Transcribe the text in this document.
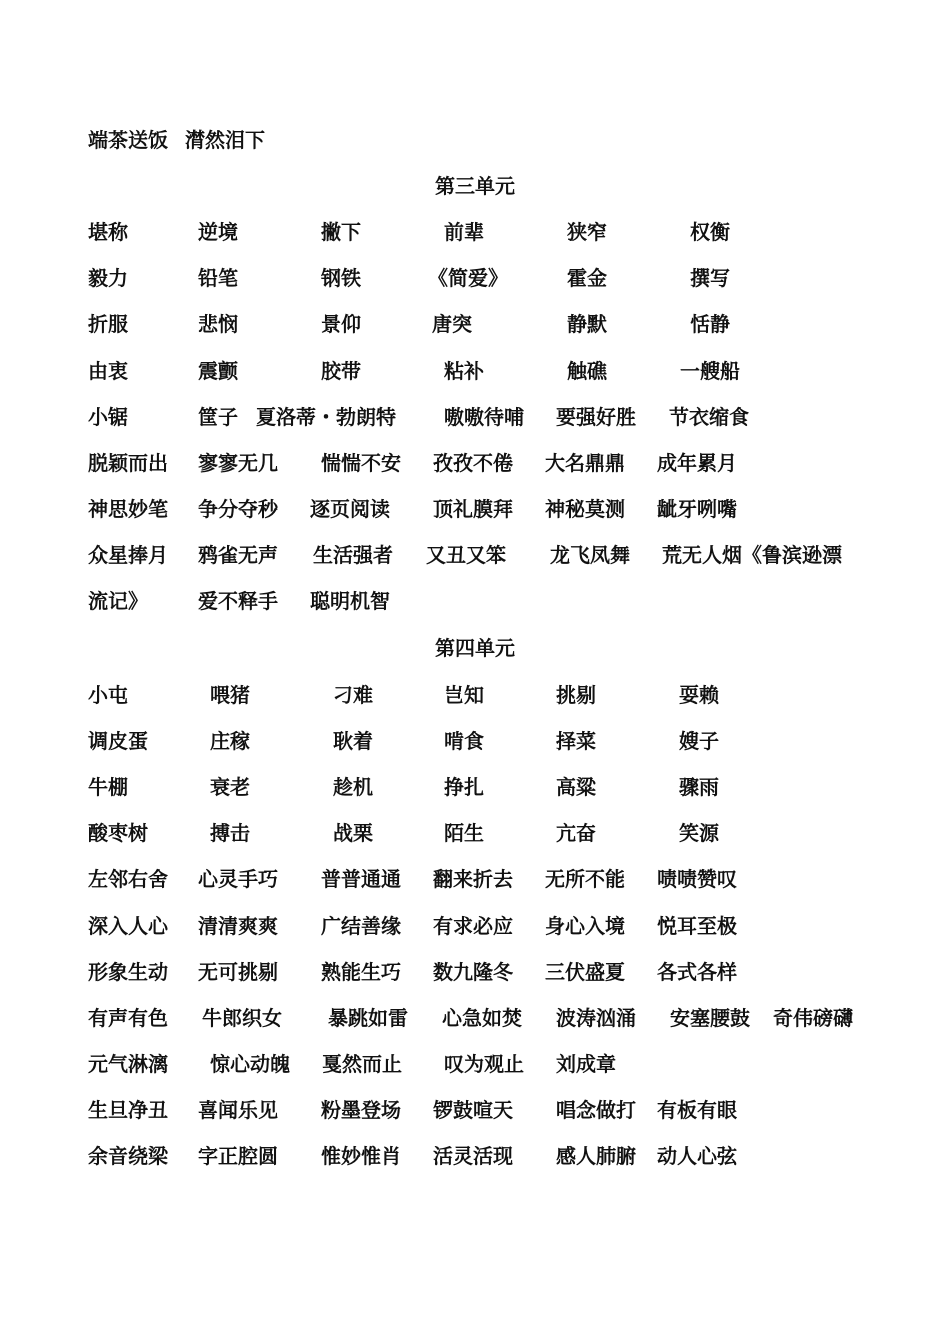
端茶送饭 潸然泪下
第三单元
堪称	逆境	撇下	前辈	狭窄	权衡
毅力	铅笔	钢铁	《简爱》	霍金	撰写
折服	悲悯	景仰	唐突	静默	恬静
由衷	震颤	胶带	粘补	触礁	一艘船
小锯	筐子 夏洛蒂・勃朗特 嗷嗷待哺 要强好胜 节衣缩食
脱颖而出 寥寥无几 惴惴不安 孜孜不倦 大名鼎鼎 成年累月
神思妙笔 争分夺秒 逐页阅读 顶礼膜拜 神秘莫测 龇牙咧嘴
众星捧月 鸦雀无声 生活强者 又丑又笨 龙飞凤舞 荒无人烟 《鲁滨逊漂
流记》	爱不释手 聪明机智
第四单元
小屯	喂猪	刁难	岂知	挑剔	耍赖
调皮蛋	庄稼	耿着	啃食	择菜	嫂子
牛棚	衰老	趁机	挣扎	高粱	骤雨
酸枣树	搏击	战栗	陌生	亢奋	笑源
左邻右舍 心灵手巧 普普通通 翻来折去 无所不能 啧啧赞叹
深入人心 清清爽爽 广结善缘 有求必应 身心入境 悦耳至极
形象生动 无可挑剔 熟能生巧 数九隆冬 三伏盛夏 各式各样
有声有色 牛郎织女 暴跳如雷 心急如焚 波涛汹涌 安塞腰鼓 奇伟磅礴
元气淋漓 惊心动魄 戛然而止 叹为观止 刘成章
生旦净丑 喜闻乐见 粉墨登场 锣鼓喧天 唱念做打 有板有眼
余音绕梁 字正腔圆 惟妙惟肖 活灵活现 感人肺腑 动人心弦
